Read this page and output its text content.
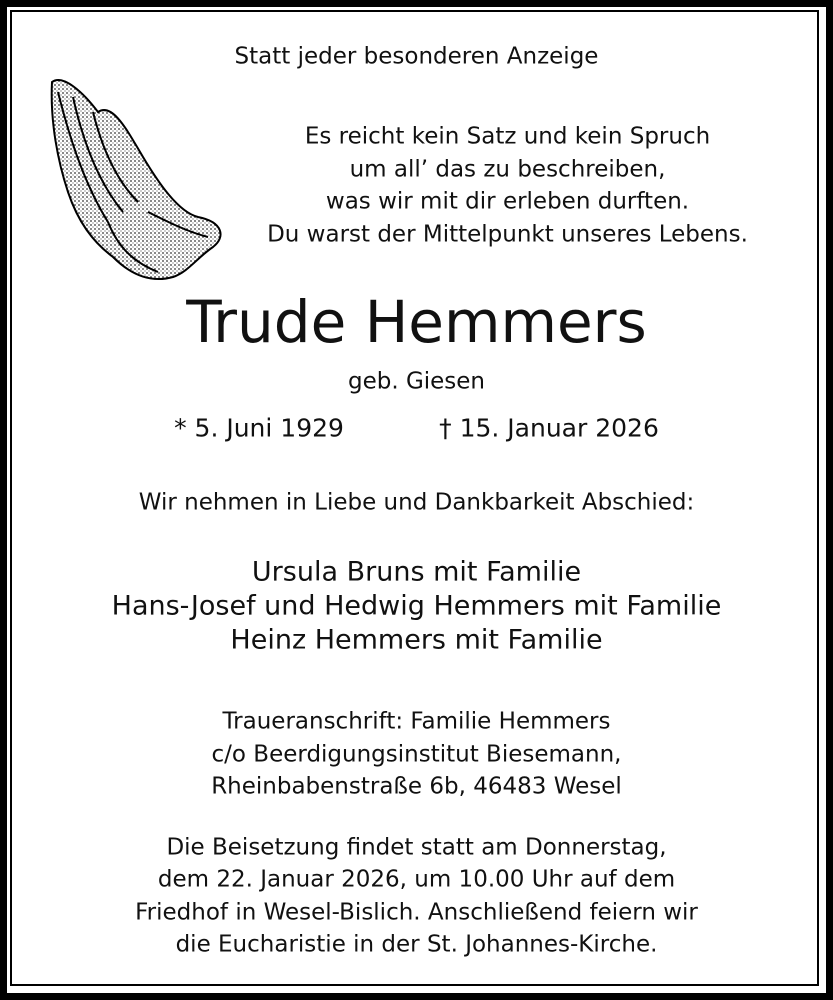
Statt jeder besonderen Anzeige
Es reicht kein Satz und kein Spruch
um all’ das zu beschreiben,
was wir mit dir erleben durften.
Du warst der Mittelpunkt unseres Lebens.
Trude Hemmers
geb. Giesen
* 5. Juni 1929	† 15. Januar 2026
Wir nehmen in Liebe und Dankbarkeit Abschied:
Ursula Bruns mit Familie
Hans-Josef und Hedwig Hemmers mit Familie
Heinz Hemmers mit Familie
Traueranschrift: Familie Hemmers
c/o Beerdigungsinstitut Biesemann,
Rheinbabenstraße 6b, 46483 Wesel
Die Beisetzung findet statt am Donnerstag,
dem 22. Januar 2026, um 10.00 Uhr auf dem
Friedhof in Wesel-Bislich. Anschließend feiern wir
die Eucharistie in der St. Johannes-Kirche.
